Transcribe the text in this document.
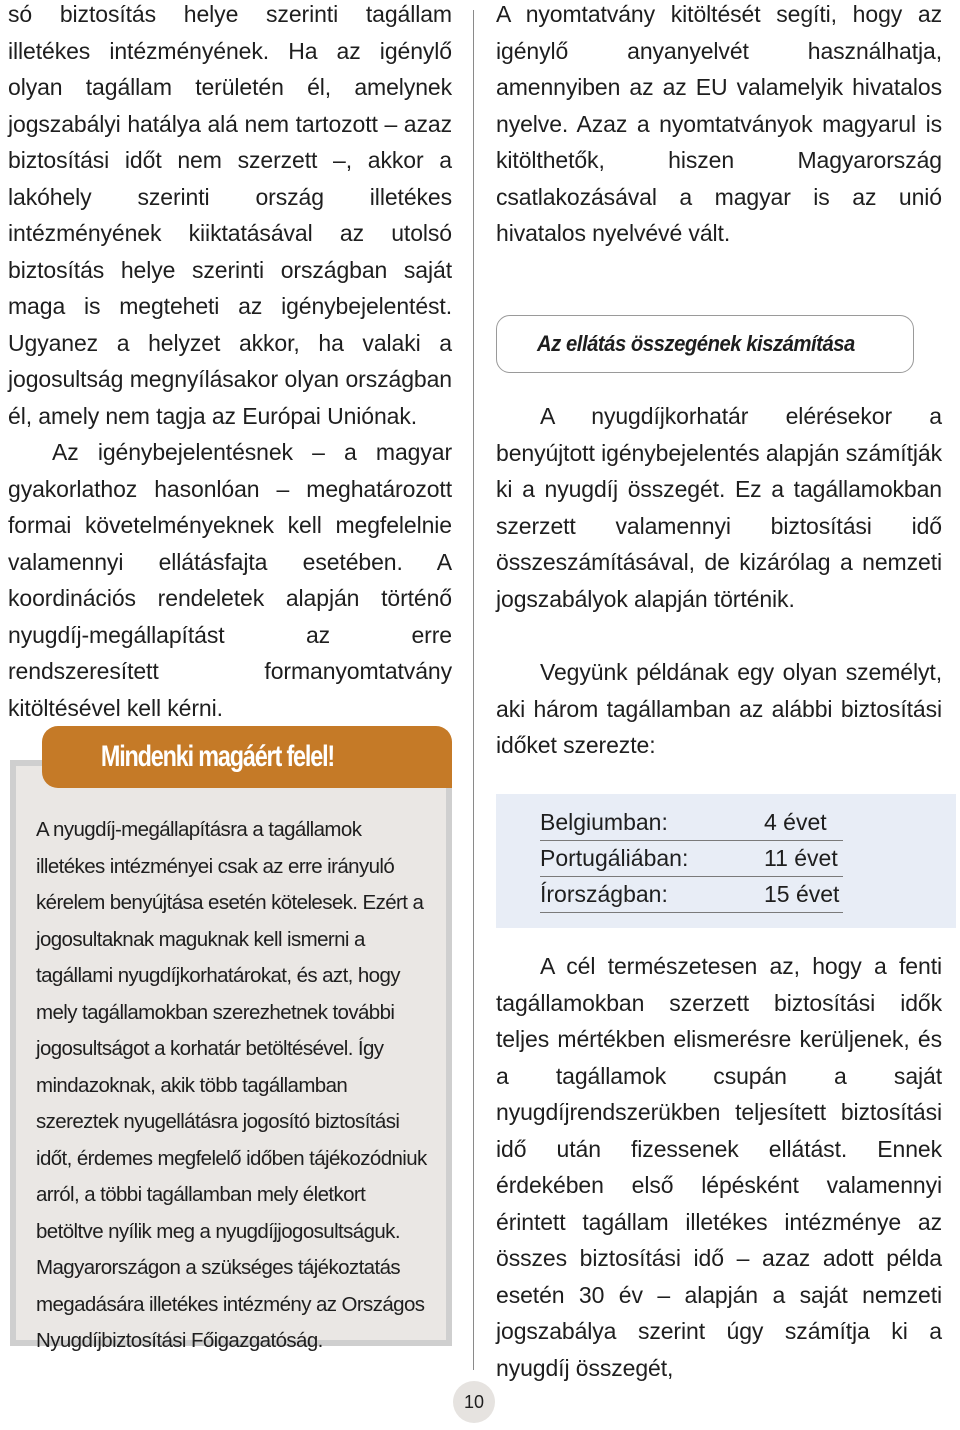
só biztosítás helye szerinti tagállam illetékes intézményének. Ha az igénylő olyan tagállam területén él, amelynek jogszabályi hatálya alá nem tartozott – azaz biztosítási időt nem szerzett –, akkor a lakóhely szerinti ország illetékes intézményének kiiktatásával az utolsó biztosítás helye szerinti országban saját maga is megteheti az igénybejelentést. Ugyanez a helyzet akkor, ha valaki a jogosultság megnyílásakor olyan országban él, amely nem tagja az Európai Uniónak.

Az igénybejelentésnek – a magyar gyakorlathoz hasonlóan – meghatározott formai követelményeknek kell megfelelnie valamennyi ellátásfajta esetében. A koordinációs rendeletek alapján történő nyugdíj-megállapítást az erre rendszeresített formanyomtatvány kitöltésével kell kérni.

Mindenki magáért felel!

A nyugdíj-megállapításra a tagállamok illetékes intézményei csak az erre irányuló kérelem benyújtása esetén kötelesek. Ezért a jogosultaknak maguknak kell ismerni a tagállami nyugdíjkorhatárokat, és azt, hogy mely tagállamokban szerezhetnek további jogosultságot a korhatár betöltésével. Így mindazoknak, akik több tagállamban szereztek nyugellátásra jogosító biztosítási időt, érdemes megfelelő időben tájékozódniuk arról, a többi tagállamban mely életkort betöltve nyílik meg a nyugdíjjogosultságuk. Magyarországon a szükséges tájékoztatás megadására illetékes intézmény az Országos Nyugdíjbiztosítási Főigazgatóság.

A nyomtatvány kitöltését segíti, hogy az igénylő anyanyelvét használhatja, amennyiben az az EU valamelyik hivatalos nyelve. Azaz a nyomtatványok magyarul is kitölthetők, hiszen Magyarország csatlakozásával a magyar is az unió hivatalos nyelvévé vált.

Az ellátás összegének kiszámítása

A nyugdíjkorhatár elérésekor a benyújtott igénybejelentés alapján számítják ki a nyugdíj összegét. Ez a tagállamokban szerzett valamennyi biztosítási idő összeszámításával, de kizárólag a nemzeti jogszabályok alapján történik.

Vegyünk példának egy olyan személyt, aki három tagállamban az alábbi biztosítási időket szerezte:

Belgiumban:	4 évet
Portugáliában:	11 évet
Írországban:	15 évet

A cél természetesen az, hogy a fenti tagállamokban szerzett biztosítási idők teljes mértékben elismerésre kerüljenek, és a tagállamok csupán a saját nyugdíjrendszerükben teljesített biztosítási idő után fizessenek ellátást. Ennek érdekében első lépésként valamennyi érintett tagállam illetékes intézménye az összes biztosítási idő – azaz adott példa esetén 30 év – alapján a saját nemzeti jogszabálya szerint úgy számítja ki a nyugdíj összegét,

10
